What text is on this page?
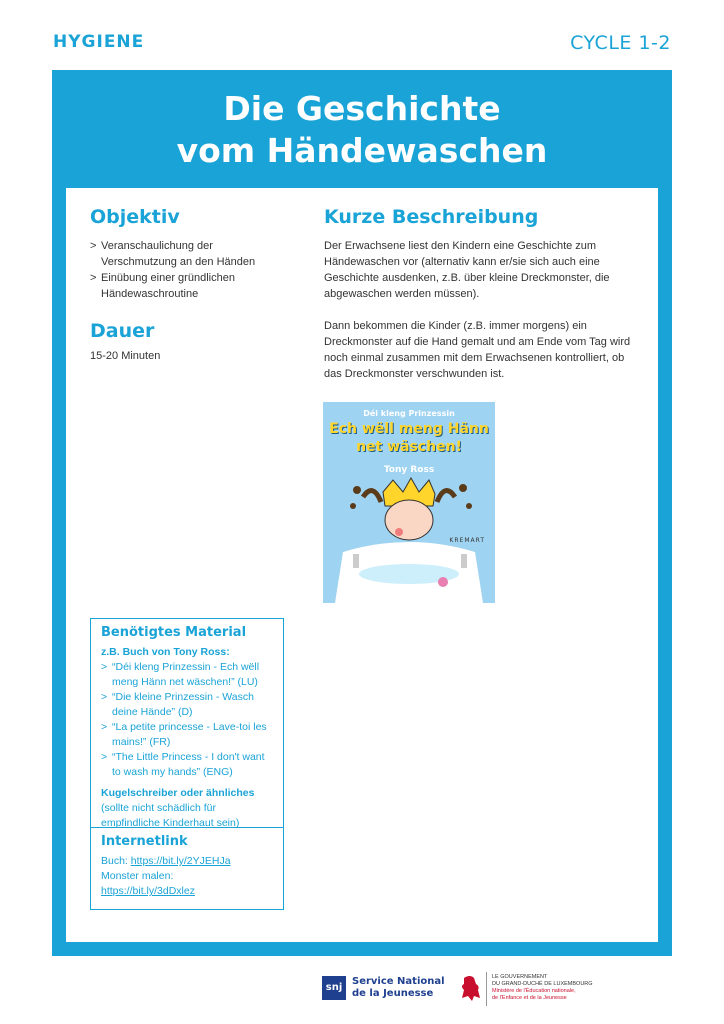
HYGIENE	CYCLE 1-2
Die Geschichte
vom Händewaschen
Objektiv
> Veranschaulichung der Verschmutzung an den Händen
> Einübung einer gründlichen Händewaschroutine
Dauer
15-20 Minuten
Kurze Beschreibung

Der Erwachsene liest den Kindern eine Geschichte zum Händewaschen vor (alternativ kann er/sie sich auch eine Geschichte ausdenken, z.B. über kleine Dreckmonster, die abgewaschen werden müssen).

Dann bekommen die Kinder (z.B. immer morgens) ein Dreckmonster auf die Hand gemalt und am Ende vom Tag wird noch einmal zusammen mit dem Erwachsenen kontrolliert, ob das Dreckmonster verschwunden ist.

Déi kleng Prinzessin
Ech wëll meng Hänn net wäschen!
Tony Ross
KREMART
Benötigtes Material
z.B. Buch von Tony Ross:
> “Déi kleng Prinzessin - Ech wëll meng Hänn net wäschen!” (LU)
> “Die kleine Prinzessin - Wasch deine Hände” (D)
> “La petite princesse - Lave-toi les mains!” (FR)
> “The Little Princess - I don't want to wash my hands” (ENG)
Kugelschreiber oder ähnliches
(sollte nicht schädlich für empfindliche Kinderhaut sein)
Internetlink
Buch: https://bit.ly/2YJEHJa
Monster malen:
https://bit.ly/3dDxlez
snj
Service National
de la Jeunesse
LE GOUVERNEMENT
DU GRAND-DUCHÉ DE LUXEMBOURG
Ministère de l'Éducation nationale,
de l'Enfance et de la Jeunesse
